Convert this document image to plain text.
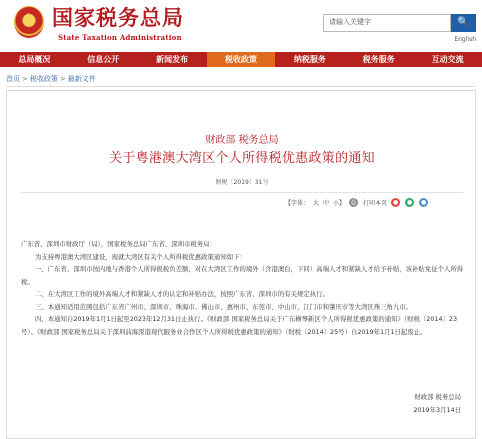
★ 国家税务总局
State Taxation Administration
请输入关键字	🔍
English
总局概况	信息公开	新闻发布	税收政策	纳税服务	税务服务	互动交流
首页 > 税收政策 > 最新文件
财政部 税务总局
关于粤港澳大湾区个人所得税优惠政策的通知
财税〔2019〕31号
【字体： 大 中 小】	⎙	打印本页 ●	●	●

广东省、深圳市财政厅（局），国家税务总局广东省、深圳市税务局：

为支持粤港澳大湾区建设，现就大湾区有关个人所得税优惠政策通知如下：

一、广东省、深圳市按内地与香港个人所得税税负差额，对在大湾区工作的境外（含港澳台，下同）高端人才和紧缺人才给予补贴，该补贴免征个人所得税。

二、在大湾区工作的境外高端人才和紧缺人才的认定和补贴办法，按照广东省、深圳市的有关规定执行。

三、本通知适用范围包括广东省广州市、深圳市、珠海市、佛山市、惠州市、东莞市、中山市、江门市和肇庆市等大湾区珠三角九市。

四、本通知自2019年1月1日起至2023年12月31日止执行。《财政部 国家税务总局关于广东横琴新区个人所得税优惠政策的通知》（财税〔2014〕23号）、《财政部 国家税务总局关于深圳前海深港现代服务业合作区个人所得税优惠政策的通知》（财税〔2014〕25号）自2019年1月1日起废止。

财政部 税务总局
2019年3月14日
